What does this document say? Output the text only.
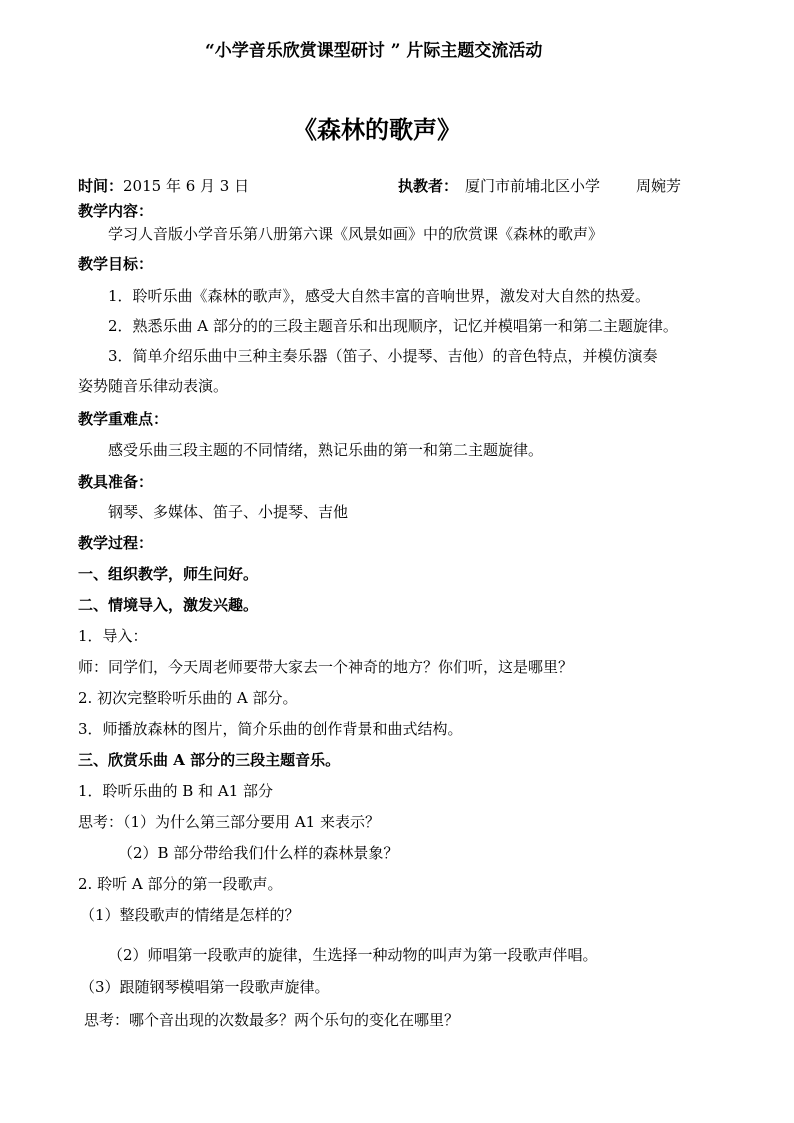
“小学音乐欣赏课型研讨 ” 片际主题交流活动
《森林的歌声》
时间： 2015 年 6 月 3 日	执教者： 厦门市前埔北区小学 周婉芳
教学内容：
学习人音版小学音乐第八册第六课《风景如画》中的欣赏课《森林的歌声》
教学目标：
1．聆听乐曲《森林的歌声》，感受大自然丰富的音响世界，激发对大自然的热爱。
2．熟悉乐曲 A 部分的的三段主题音乐和出现顺序，记忆并模唱第一和第二主题旋律。
3．简单介绍乐曲中三种主奏乐器（笛子、小提琴、吉他）的音色特点，并模仿演奏
姿势随音乐律动表演。
教学重难点：
感受乐曲三段主题的不同情绪，熟记乐曲的第一和第二主题旋律。
教具准备：
钢琴、多媒体、笛子、小提琴、吉他
教学过程：
一、组织教学，师生问好。
二、情境导入，激发兴趣。
1．导入：
师：同学们，今天周老师要带大家去一个神奇的地方？你们听，这是哪里？
2. 初次完整聆听乐曲的 A 部分。
3．师播放森林的图片，简介乐曲的创作背景和曲式结构。
三、欣赏乐曲 A 部分的三段主题音乐。
1．聆听乐曲的 B 和 A1 部分
思考：（1）为什么第三部分要用 A1 来表示？
（2）B 部分带给我们什么样的森林景象？
2. 聆听 A 部分的第一段歌声。
（1）整段歌声的情绪是怎样的？
（2）师唱第一段歌声的旋律，生选择一种动物的叫声为第一段歌声伴唱。
（3）跟随钢琴模唱第一段歌声旋律。
思考：哪个音出现的次数最多？两个乐句的变化在哪里？
